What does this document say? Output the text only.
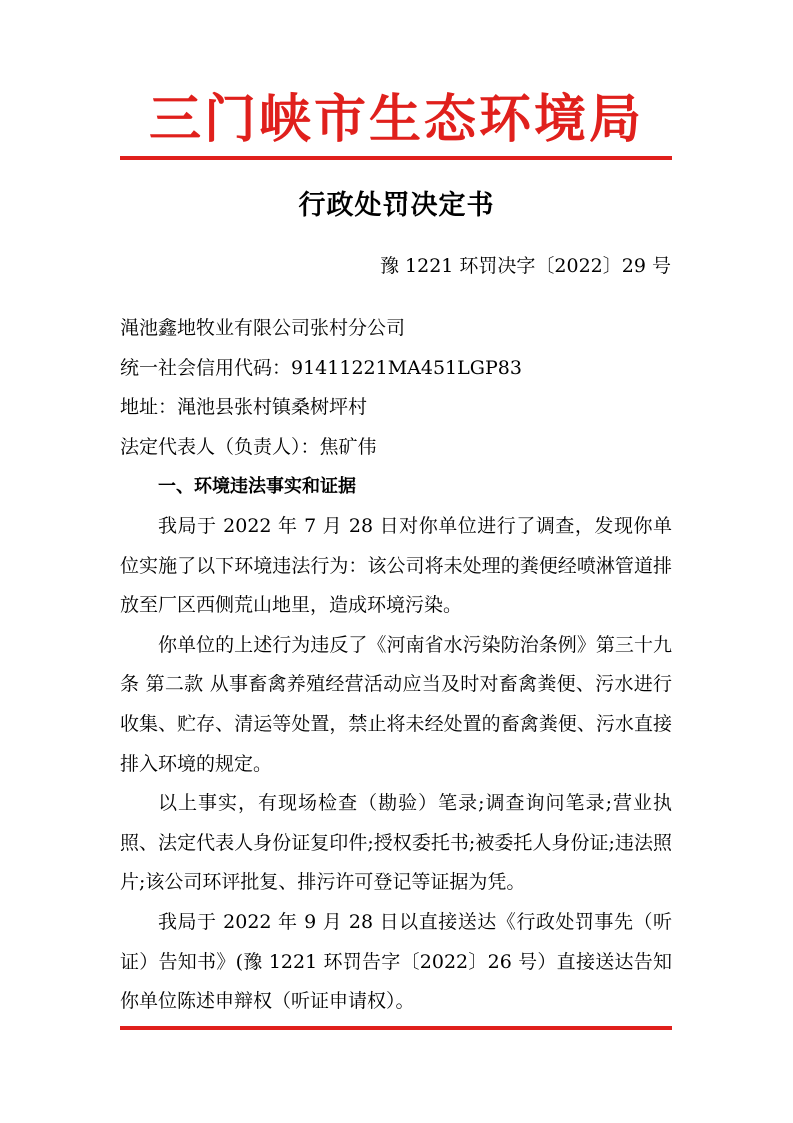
三门峡市生态环境局
行政处罚决定书

豫 1221 环罚决字〔2022〕29 号

渑池鑫地牧业有限公司张村分公司

统一社会信用代码：91411221MA451LGP83

地址：渑池县张村镇桑树坪村

法定代表人（负责人）：焦矿伟

一、环境违法事实和证据

我局于 2022 年 7 月 28 日对你单位进行了调查，发现你单位实施了以下环境违法行为：该公司将未处理的粪便经喷淋管道排放至厂区西侧荒山地里，造成环境污染。

你单位的上述行为违反了《河南省水污染防治条例》第三十九条 第二款 从事畜禽养殖经营活动应当及时对畜禽粪便、污水进行收集、贮存、清运等处置，禁止将未经处置的畜禽粪便、污水直接排入环境的规定。

以上事实，有现场检查（勘验）笔录;调查询问笔录;营业执照、法定代表人身份证复印件;授权委托书;被委托人身份证;违法照片;该公司环评批复、排污许可登记等证据为凭。

我局于 2022 年 9 月 28 日以直接送达《行政处罚事先（听证）告知书》(豫 1221 环罚告字〔2022〕26 号）直接送达告知你单位陈述申辩权（听证申请权）。
